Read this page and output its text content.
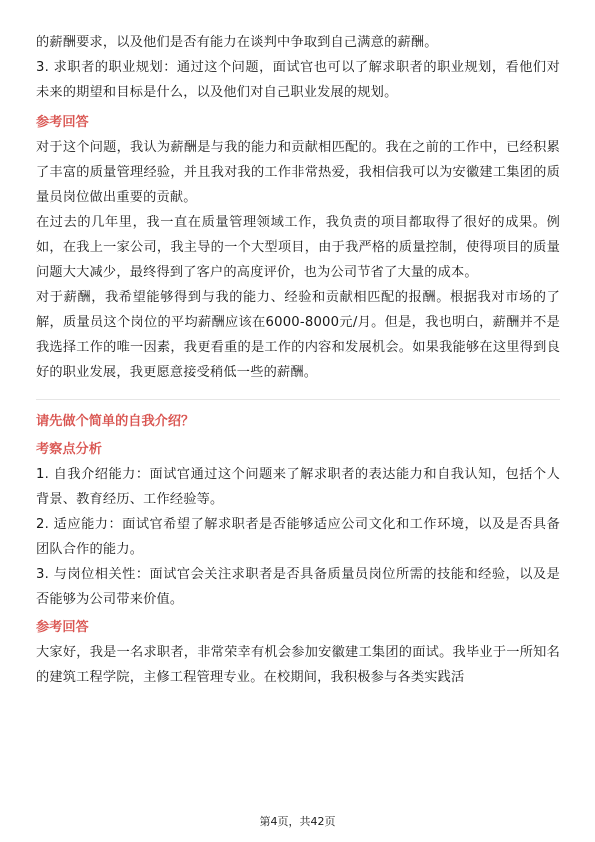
的薪酬要求，以及他们是否有能力在谈判中争取到自己满意的薪酬。

3. 求职者的职业规划：通过这个问题，面试官也可以了解求职者的职业规划，看他们对未来的期望和目标是什么，以及他们对自己职业发展的规划。

参考回答

对于这个问题，我认为薪酬是与我的能力和贡献相匹配的。我在之前的工作中，已经积累了丰富的质量管理经验，并且我对我的工作非常热爱，我相信我可以为安徽建工集团的质量员岗位做出重要的贡献。

在过去的几年里，我一直在质量管理领域工作，我负责的项目都取得了很好的成果。例如，在我上一家公司，我主导的一个大型项目，由于我严格的质量控制，使得项目的质量问题大大减少，最终得到了客户的高度评价，也为公司节省了大量的成本。

对于薪酬，我希望能够得到与我的能力、经验和贡献相匹配的报酬。根据我对市场的了解，质量员这个岗位的平均薪酬应该在6000-8000元/月。但是，我也明白，薪酬并不是我选择工作的唯一因素，我更看重的是工作的内容和发展机会。如果我能够在这里得到良好的职业发展，我更愿意接受稍低一些的薪酬。

请先做个简单的自我介绍？

考察点分析

1. 自我介绍能力：面试官通过这个问题来了解求职者的表达能力和自我认知，包括个人背景、教育经历、工作经验等。

2. 适应能力：面试官希望了解求职者是否能够适应公司文化和工作环境，以及是否具备团队合作的能力。

3. 与岗位相关性：面试官会关注求职者是否具备质量员岗位所需的技能和经验，以及是否能够为公司带来价值。

参考回答

大家好，我是一名求职者，非常荣幸有机会参加安徽建工集团的面试。我毕业于一所知名的建筑工程学院，主修工程管理专业。在校期间，我积极参与各类实践活

第4页，共42页
